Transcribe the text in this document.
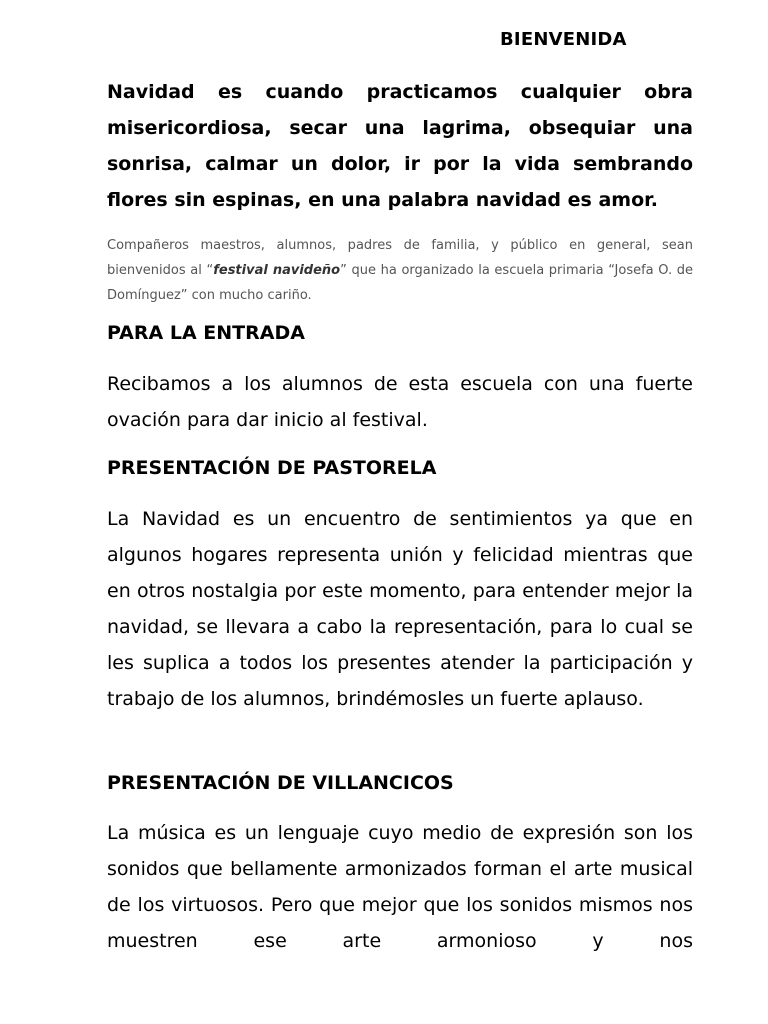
BIENVENIDA

Navidad es cuando practicamos cualquier obra misericordiosa, secar una lagrima, obsequiar una sonrisa, calmar un dolor, ir por la vida sembrando flores sin espinas, en una palabra navidad es amor.

Compañeros maestros, alumnos, padres de familia, y público en general, sean bienvenidos al “festival navideño” que ha organizado la escuela primaria “Josefa O. de Domínguez” con mucho cariño.

PARA LA ENTRADA

Recibamos a los alumnos de esta escuela con una fuerte ovación para dar inicio al festival.

PRESENTACIÓN DE PASTORELA

La Navidad es un encuentro de sentimientos ya que en algunos hogares representa unión y felicidad mientras que en otros nostalgia por este momento, para entender mejor la navidad, se llevara a cabo la representación, para lo cual se les suplica a todos los presentes atender la participación y trabajo de los alumnos, brindémosles un fuerte aplauso.

PRESENTACIÓN DE VILLANCICOS

La música es un lenguaje cuyo medio de expresión son los sonidos que bellamente armonizados forman el arte musical de los virtuosos. Pero que mejor que los sonidos mismos nos muestren ese arte armonioso y nos
